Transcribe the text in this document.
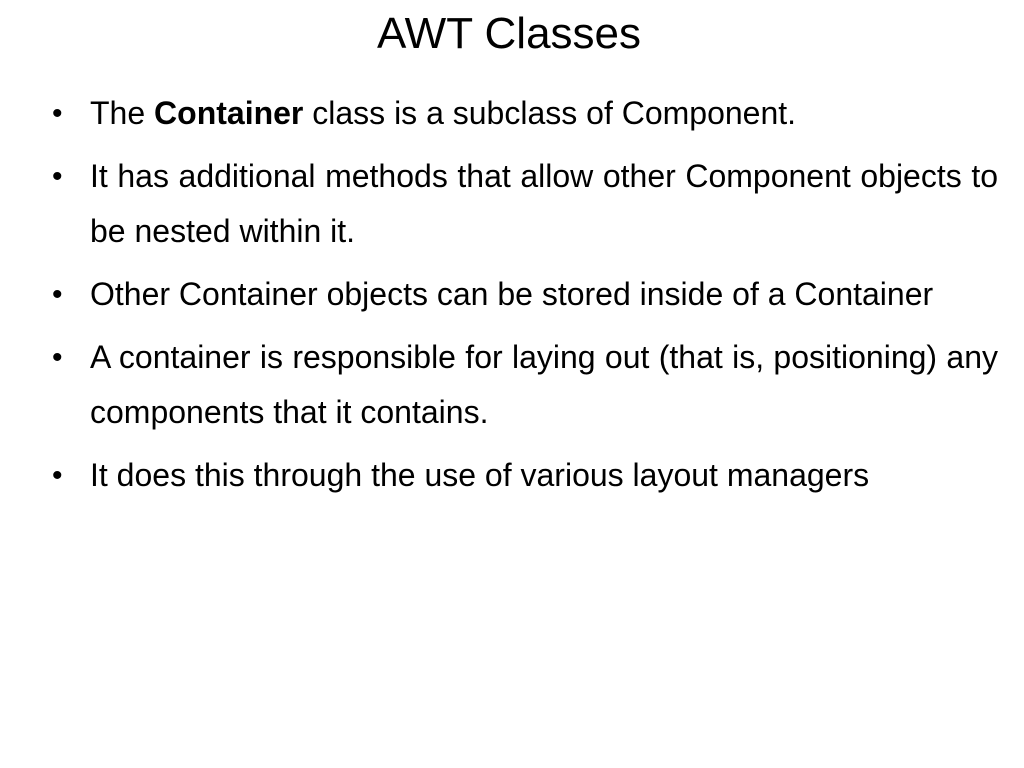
AWT Classes
• The Container class is a subclass of Component.
• It has additional methods that allow other Component objects to be nested within it.
• Other Container objects can be stored inside of a Container
• A container is responsible for laying out (that is, positioning) any components that it contains.
• It does this through the use of various layout managers
